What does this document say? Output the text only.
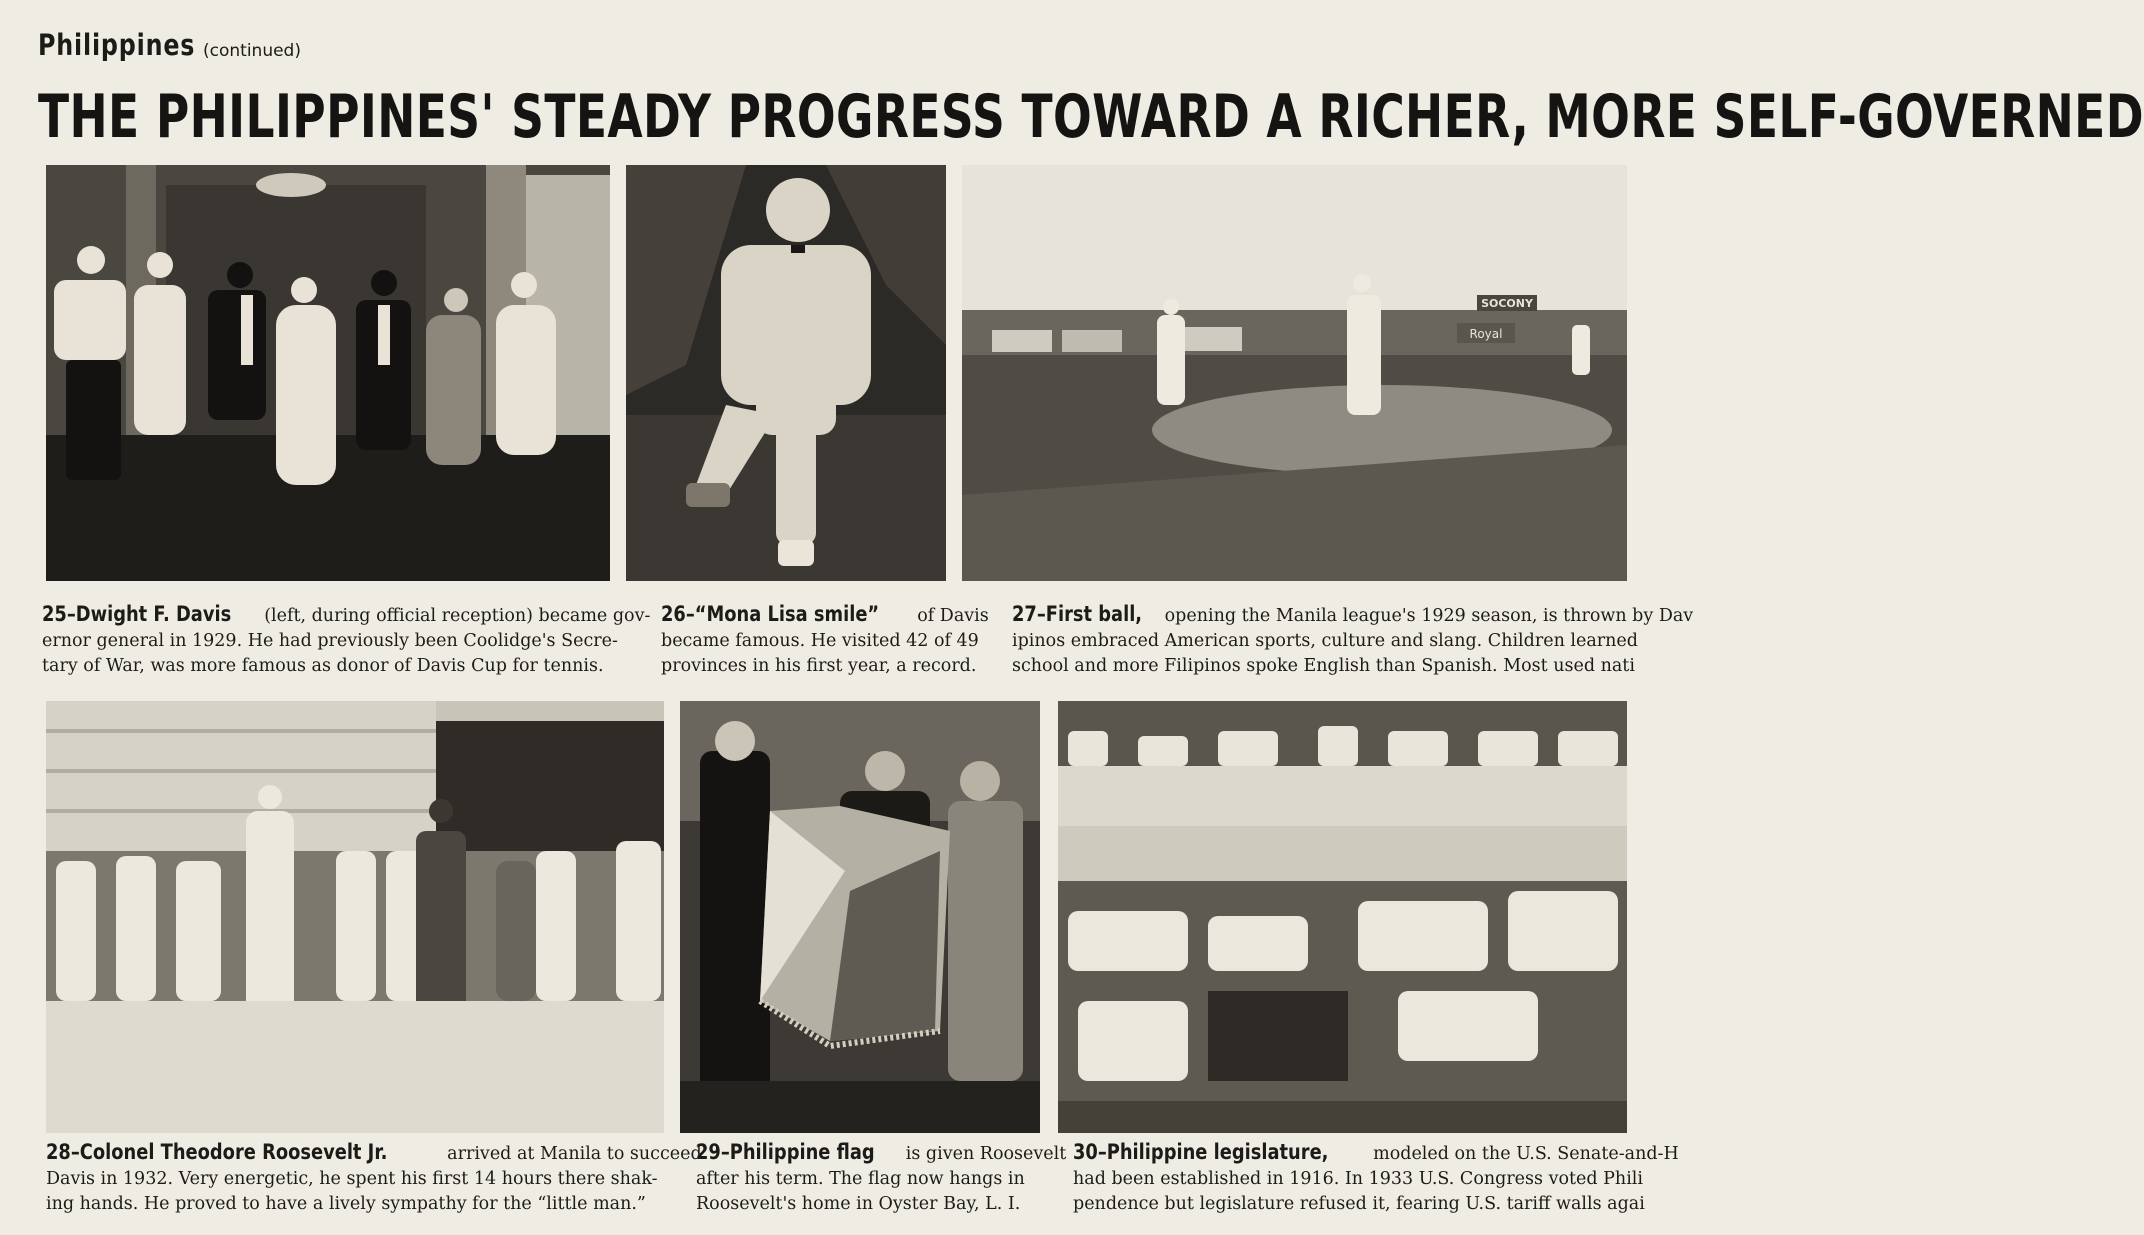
Philippines (continued)
THE PHILIPPINES' STEADY PROGRESS TOWARD A RICHER, MORE SELF-GOVERNED
SOCONY
Royal
25–Dwight F. Davis (left, during official reception) became gov-
ernor general in 1929. He had previously been Coolidge's Secre-
tary of War, was more famous as donor of Davis Cup for tennis.
26–“Mona Lisa smile” of Davis
became famous. He visited 42 of 49
provinces in his first year, a record.
27–First ball, opening the Manila league's 1929 season, is thrown by Dav
ipinos embraced American sports, culture and slang. Children learned
school and more Filipinos spoke English than Spanish. Most used nati
28–Colonel Theodore Roosevelt Jr.	arrived at Manila to succeed
Davis in 1932. Very energetic, he spent his first 14 hours there shak-
ing hands. He proved to have a lively sympathy for the “little man.”
29–Philippine flag is given Roosevelt
after his term. The flag now hangs in
Roosevelt's home in Oyster Bay, L. I.
30–Philippine legislature, modeled on the U.S. Senate-and-H
had been established in 1916. In 1933 U.S. Congress voted Phili
pendence but legislature refused it, fearing U.S. tariff walls agai
